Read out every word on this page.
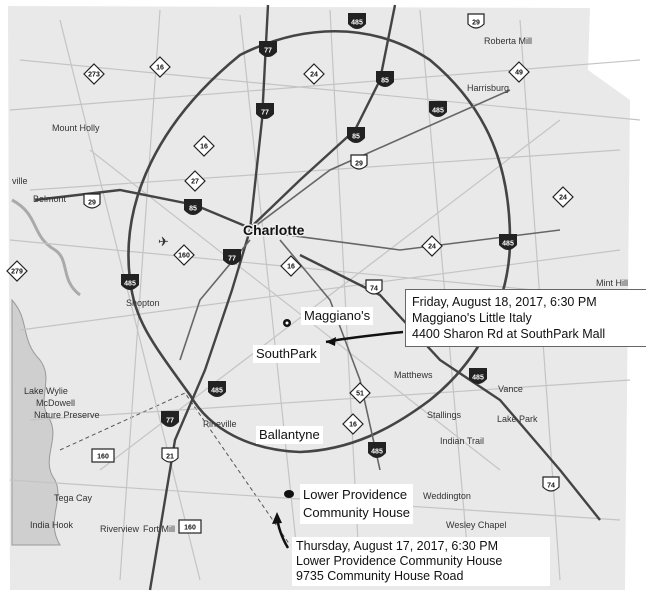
✈
Roberta Mill
Harrisburg
Mount Holly
Belmont
ville
Shopton
Mint Hill
Matthews
Vance
Stallings	Lake Park
Indian Trail
Lake Wylie
McDowell
Nature Preserve
Pineville
Tega Cay
India Hook	Riverview Fort Mill
Weddington
Wesley Chapel
Charlotte
485
77
77
85
485
85
85
77
485
485
485
485
485
77
29
29
29
74
74
21
160
160
273
16
24	49
16
27
160
16
24
24
279
51
16
Maggiano's
SouthPark
Ballantyne
Lower Providence
Community House
Friday, August 18, 2017, 6:30 PM
Maggiano's Little Italy
4400 Sharon Rd at SouthPark Mall
Thursday, August 17, 2017, 6:30 PM
Lower Providence Community House
9735 Community House Road
